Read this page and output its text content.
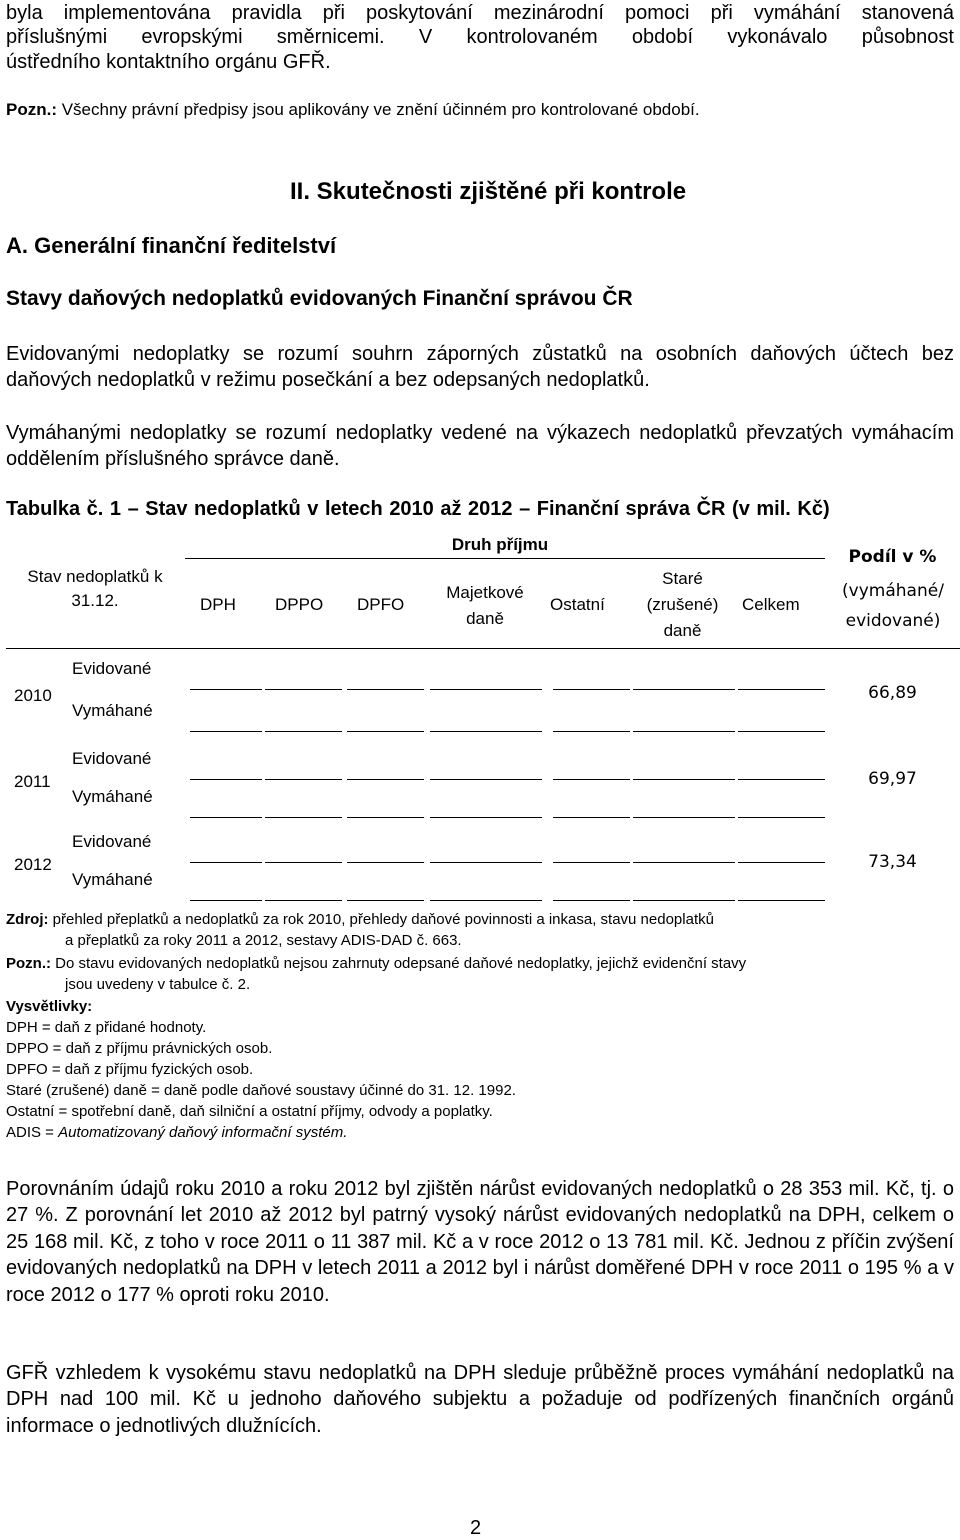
byla implementována pravidla při poskytování mezinárodní pomoci při vymáhání stanovená
příslušnými evropskými směrnicemi. V kontrolovaném období vykonávalo působnost
ústředního kontaktního orgánu GFŘ.
Pozn.: Všechny právní předpisy jsou aplikovány ve znění účinném pro kontrolované období.
II. Skutečnosti zjištěné při kontrole
A. Generální finanční ředitelství
Stavy daňových nedoplatků evidovaných Finanční správou ČR
Evidovanými nedoplatky se rozumí souhrn záporných zůstatků na osobních daňových účtech bez daňových nedoplatků v režimu posečkání a bez odepsaných nedoplatků.
Vymáhanými nedoplatky se rozumí nedoplatky vedené na výkazech nedoplatků převzatých vymáhacím oddělením příslušného správce daně.
Tabulka č. 1 – Stav nedoplatků v letech 2010 až 2012 – Finanční správa ČR (v mil. Kč)
Stav nedoplatků k 31.12.
Druh příjmu
DPH DPPO DPFO
Majetkové daně
Ostatní
Staré (zrušené) daně
Celkem
Podíl v %
(vymáhané/ evidované)
2010
Evidované
Vymáhané
66,89
2011
Evidované
Vymáhané
69,97
2012
Evidované
Vymáhané
73,34
Zdroj: přehled přeplatků a nedoplatků za rok 2010, přehledy daňové povinnosti a inkasa, stavu nedoplatků
a přeplatků za roky 2011 a 2012, sestavy ADIS-DAD č. 663.
Pozn.: Do stavu evidovaných nedoplatků nejsou zahrnuty odepsané daňové nedoplatky, jejichž evidenční stavy
jsou uvedeny v tabulce č. 2.
Vysvětlivky:
DPH = daň z přidané hodnoty.
DPPO = daň z příjmu právnických osob.
DPFO = daň z příjmu fyzických osob.
Staré (zrušené) daně = daně podle daňové soustavy účinné do 31. 12. 1992.
Ostatní = spotřební daně, daň silniční a ostatní příjmy, odvody a poplatky.
ADIS = Automatizovaný daňový informační systém.
Porovnáním údajů roku 2010 a roku 2012 byl zjištěn nárůst evidovaných nedoplatků o 28 353 mil. Kč, tj. o 27 %. Z porovnání let 2010 až 2012 byl patrný vysoký nárůst evidovaných nedoplatků na DPH, celkem o 25 168 mil. Kč, z toho v roce 2011 o 11 387 mil. Kč a v roce 2012 o 13 781 mil. Kč. Jednou z příčin zvýšení evidovaných nedoplatků na DPH v letech 2011 a 2012 byl i nárůst doměřené DPH v roce 2011 o 195 % a v roce 2012 o 177 % oproti roku 2010.
GFŘ vzhledem k vysokému stavu nedoplatků na DPH sleduje průběžně proces vymáhání nedoplatků na DPH nad 100 mil. Kč u jednoho daňového subjektu a požaduje od podřízených finančních orgánů informace o jednotlivých dlužnících.
2
